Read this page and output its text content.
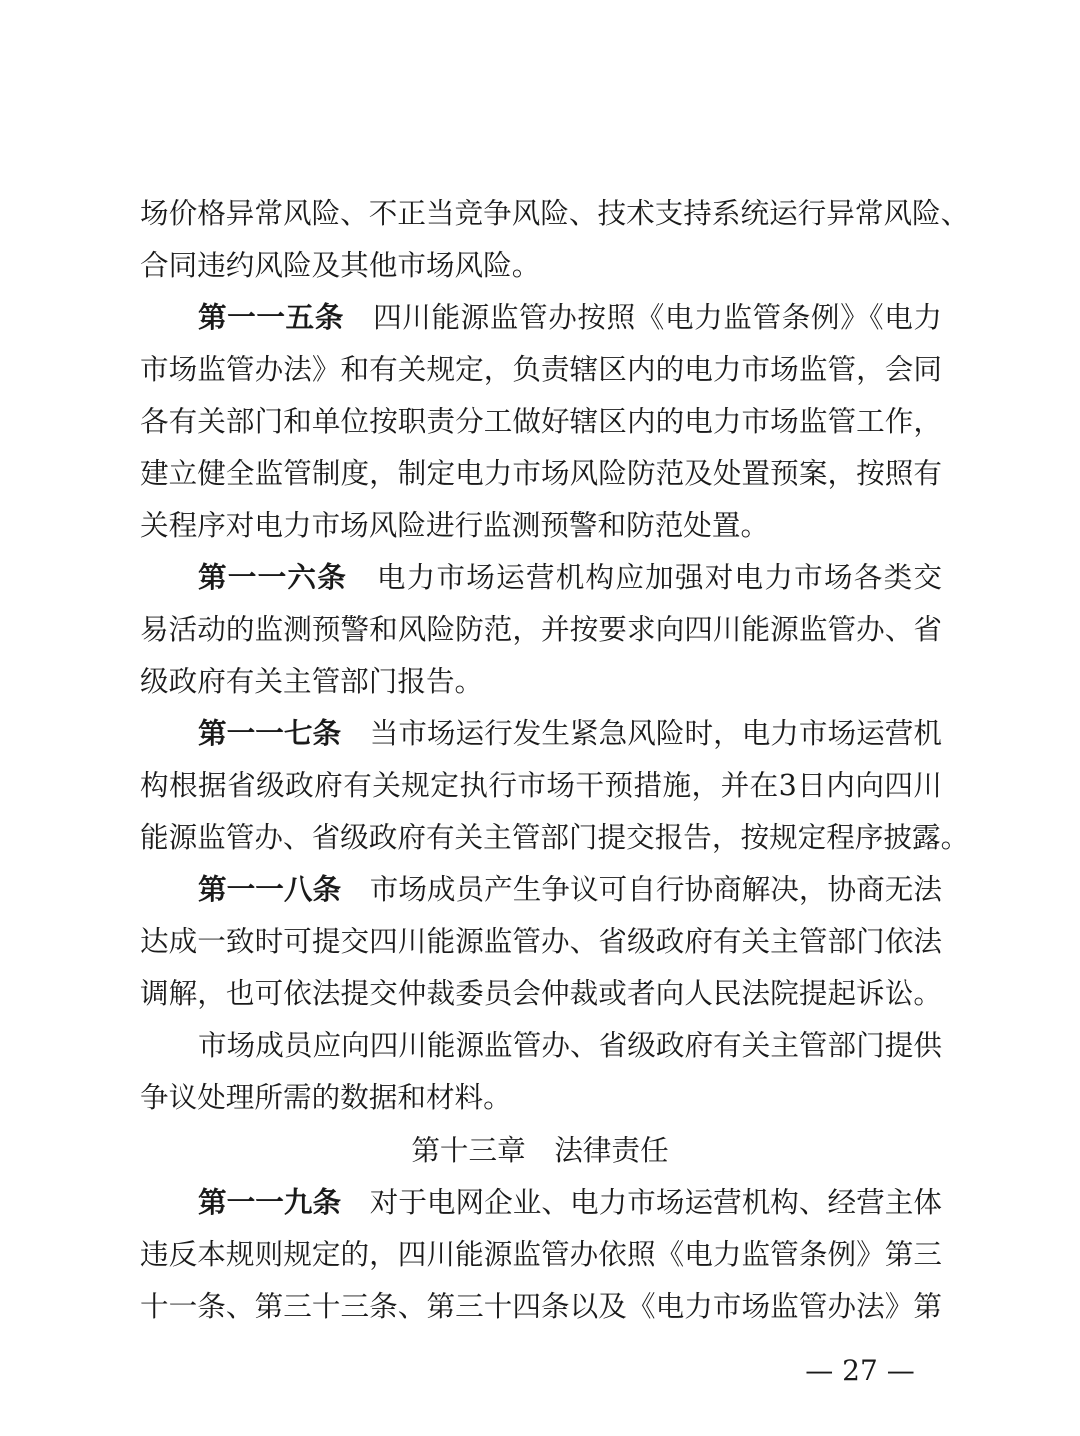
场价格异常风险、不正当竞争风险、技术支持系统运行异常风险、
合同违约风险及其他市场风险。
第一一五条　 四川能源监管办按照《电力监管条例》《电力
市场监管办法》和有关规定，负责辖区内的电力市场监管，会同
各有关部门和单位按职责分工做好辖区内的电力市场监管工作，
建立健全监管制度，制定电力市场风险防范及处置预案，按照有
关程序对电力市场风险进行监测预警和防范处置。
第一一六条　 电力市场运营机构应加强对电力市场各类交
易活动的监测预警和风险防范，并按要求向四川能源监管办、省
级政府有关主管部门报告。
第一一七条　 当市场运行发生紧急风险时，电力市场运营机
构根据省级政府有关规定执行市场干预措施，并在3日内向四川
能源监管办、省级政府有关主管部门提交报告，按规定程序披露。
第一一八条　 市场成员产生争议可自行协商解决，协商无法
达成一致时可提交四川能源监管办、省级政府有关主管部门依法
调解，也可依法提交仲裁委员会仲裁或者向人民法院提起诉讼。
市场成员应向四川能源监管办、省级政府有关主管部门提供
争议处理所需的数据和材料。
第十三章　法律责任
第一一九条　 对于电网企业、电力市场运营机构、经营主体
违反本规则规定的，四川能源监管办依照《电力监管条例》第三
十一条、第三十三条、第三十四条以及《电力市场监管办法》第
— 27 —
